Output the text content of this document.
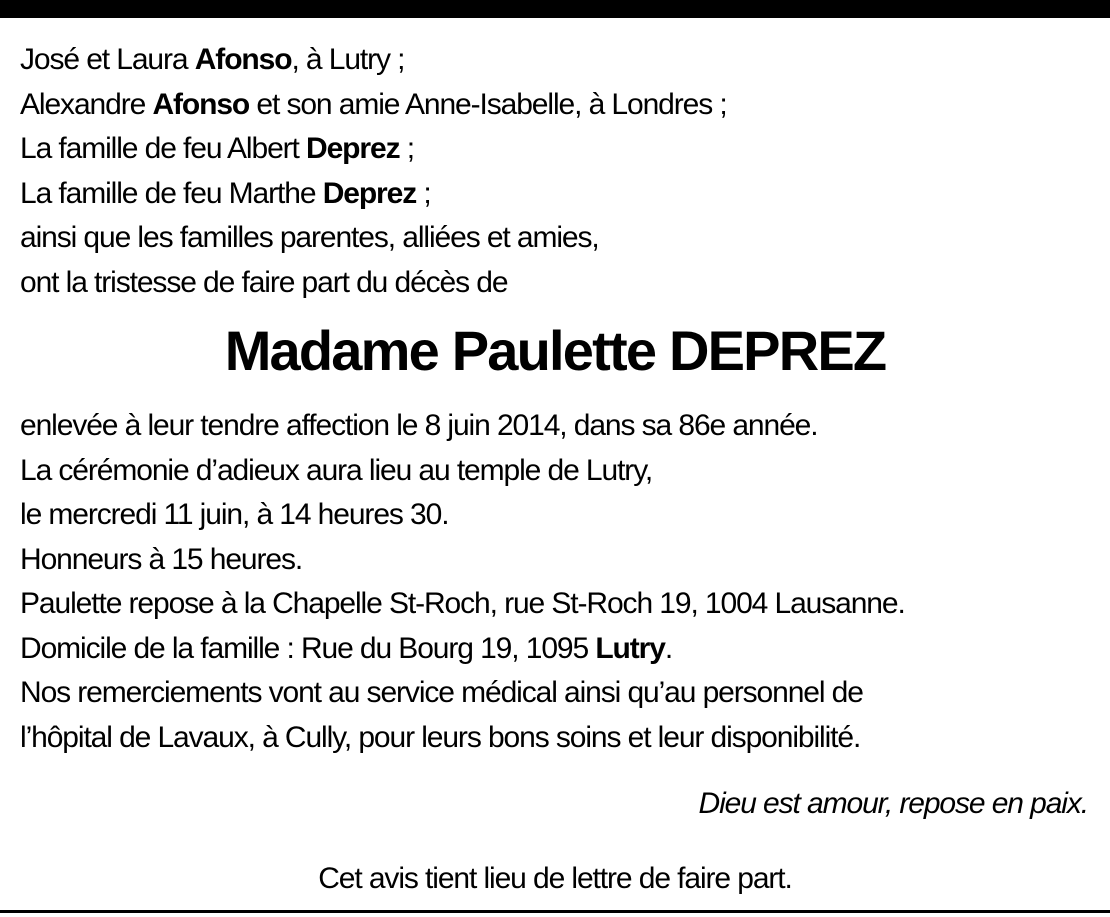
José et Laura Afonso, à Lutry ;
Alexandre Afonso et son amie Anne-Isabelle, à Londres ;
La famille de feu Albert Deprez ;
La famille de feu Marthe Deprez ;
ainsi que les familles parentes, alliées et amies,
ont la tristesse de faire part du décès de
Madame Paulette DEPREZ
enlevée à leur tendre affection le 8 juin 2014, dans sa 86e année.
La cérémonie d’adieux aura lieu au temple de Lutry,
le mercredi 11 juin, à 14 heures 30.
Honneurs à 15 heures.
Paulette repose à la Chapelle St-Roch, rue St-Roch 19, 1004 Lausanne.
Domicile de la famille : Rue du Bourg 19, 1095 Lutry.
Nos remerciements vont au service médical ainsi qu’au personnel de
l’hôpital de Lavaux, à Cully, pour leurs bons soins et leur disponibilité.
Dieu est amour, repose en paix.
Cet avis tient lieu de lettre de faire part.
